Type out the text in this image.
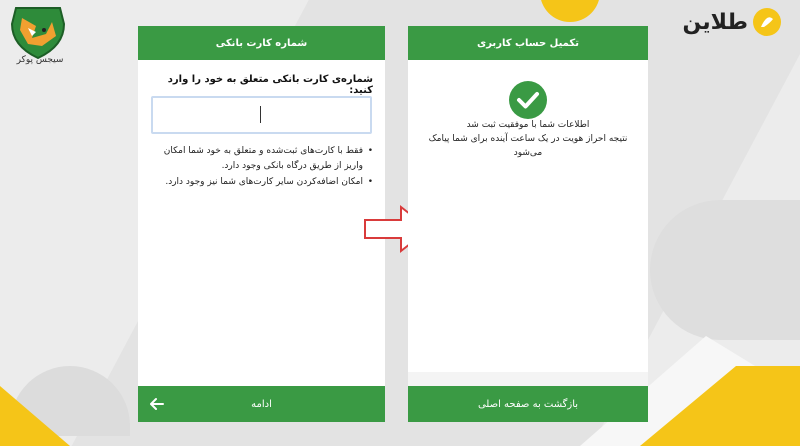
سیجس پوکر
طلاین
شماره کارت بانکی
شماره‌ی کارت بانکی متعلق به خود را وارد کنید:
• فقط با کارت‌های ثبت‌شده و متعلق به خود شما امکان واریز از طریق درگاه بانکی وجود دارد.
• امکان اضافه‌کردن سایر کارت‌های شما نیز وجود دارد.
ادامه
تکمیل حساب کاربری
اطلاعات شما با موفقیت ثبت شد
نتیجه احراز هویت در یک ساعت آینده برای شما پیامک
می‌شود
بازگشت به صفحه اصلی
